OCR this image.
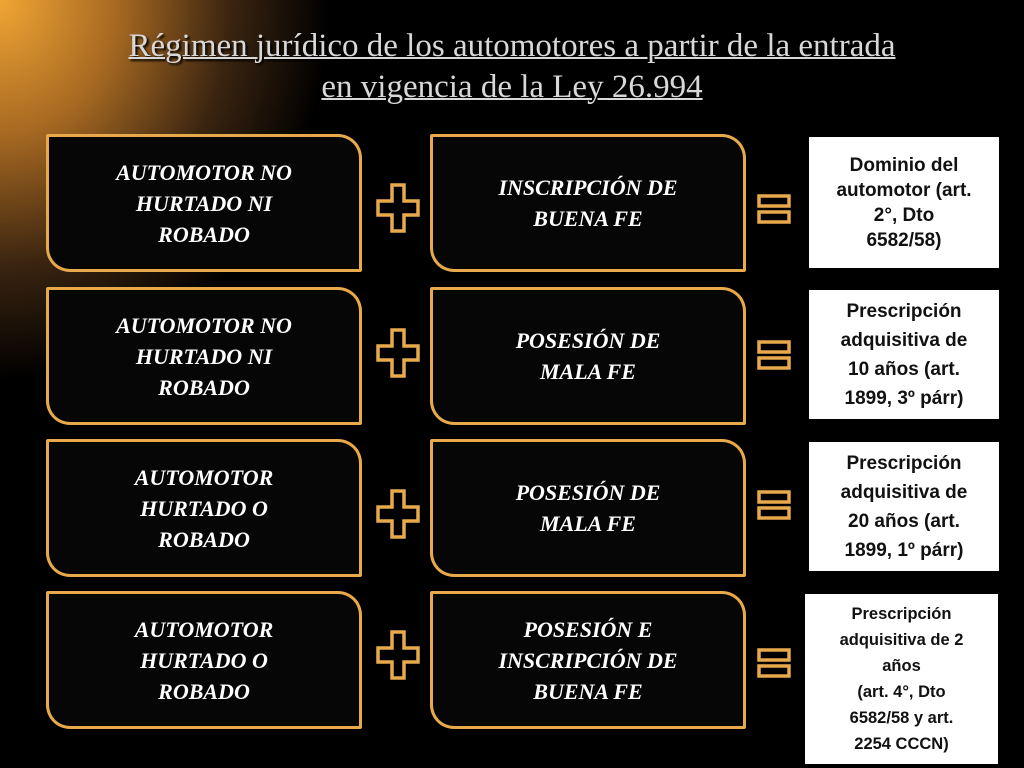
Régimen jurídico de los automotores a partir de la entrada
en vigencia de la Ley 26.994
AUTOMOTOR NO
HURTADO NI
ROBADO
INSCRIPCIÓN DE
BUENA FE
Dominio del
automotor (art.
2°, Dto
6582/58)
AUTOMOTOR NO
HURTADO NI
ROBADO
POSESIÓN DE
MALA FE
Prescripción
adquisitiva de
10 años (art.
1899, 3º párr)
AUTOMOTOR
HURTADO O
ROBADO
POSESIÓN DE
MALA FE
Prescripción
adquisitiva de
20 años (art.
1899, 1º párr)
AUTOMOTOR
HURTADO O
ROBADO
POSESIÓN E
INSCRIPCIÓN DE
BUENA FE
Prescripción
adquisitiva de 2
años
(art. 4°, Dto
6582/58 y art.
2254 CCCN)
